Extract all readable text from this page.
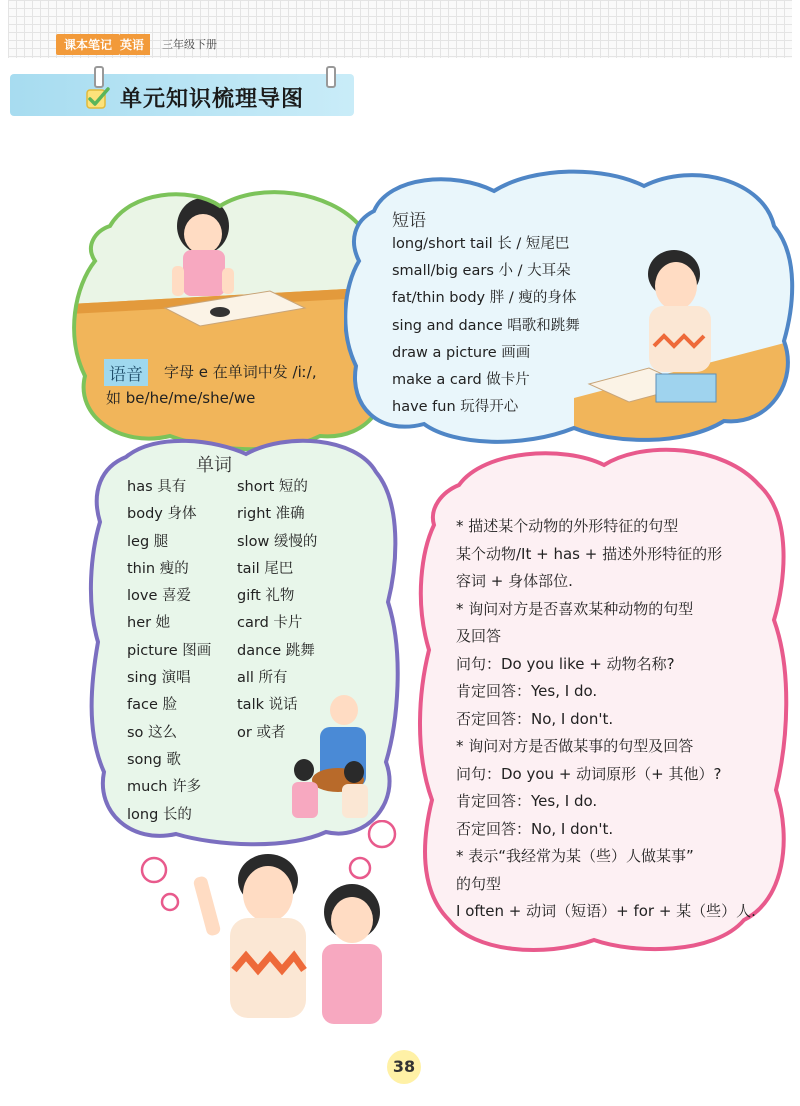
课本笔记 英语	三年级下册
单元知识梳理导图
语音	字母 e 在单词中发 /iː/,
如 be/he/me/she/we
短语
long/short tail 长 / 短尾巴
small/big ears 小 / 大耳朵
fat/thin body 胖 / 瘦的身体
sing and dance 唱歌和跳舞
draw a picture 画画
make a card 做卡片
have fun 玩得开心
单词
has 具有
body 身体
leg 腿
thin 瘦的
love 喜爱
her 她
picture 图画
sing 演唱
face 脸
so 这么
song 歌
much 许多
long 长的
short 短的
right 准确
slow 缓慢的
tail 尾巴
gift 礼物
card 卡片
dance 跳舞
all 所有
talk 说话
or 或者
* 描述某个动物的外形特征的句型
某个动物/It + has + 描述外形特征的形
容词 + 身体部位.
* 询问对方是否喜欢某种动物的句型
及回答
问句：Do you like + 动物名称?
肯定回答：Yes, I do.
否定回答：No, I don't.
* 询问对方是否做某事的句型及回答
问句：Do you + 动词原形（+ 其他）?
肯定回答：Yes, I do.
否定回答：No, I don't.
* 表示“我经常为某（些）人做某事”
的句型
I often + 动词（短语）+ for + 某（些）人.
38
